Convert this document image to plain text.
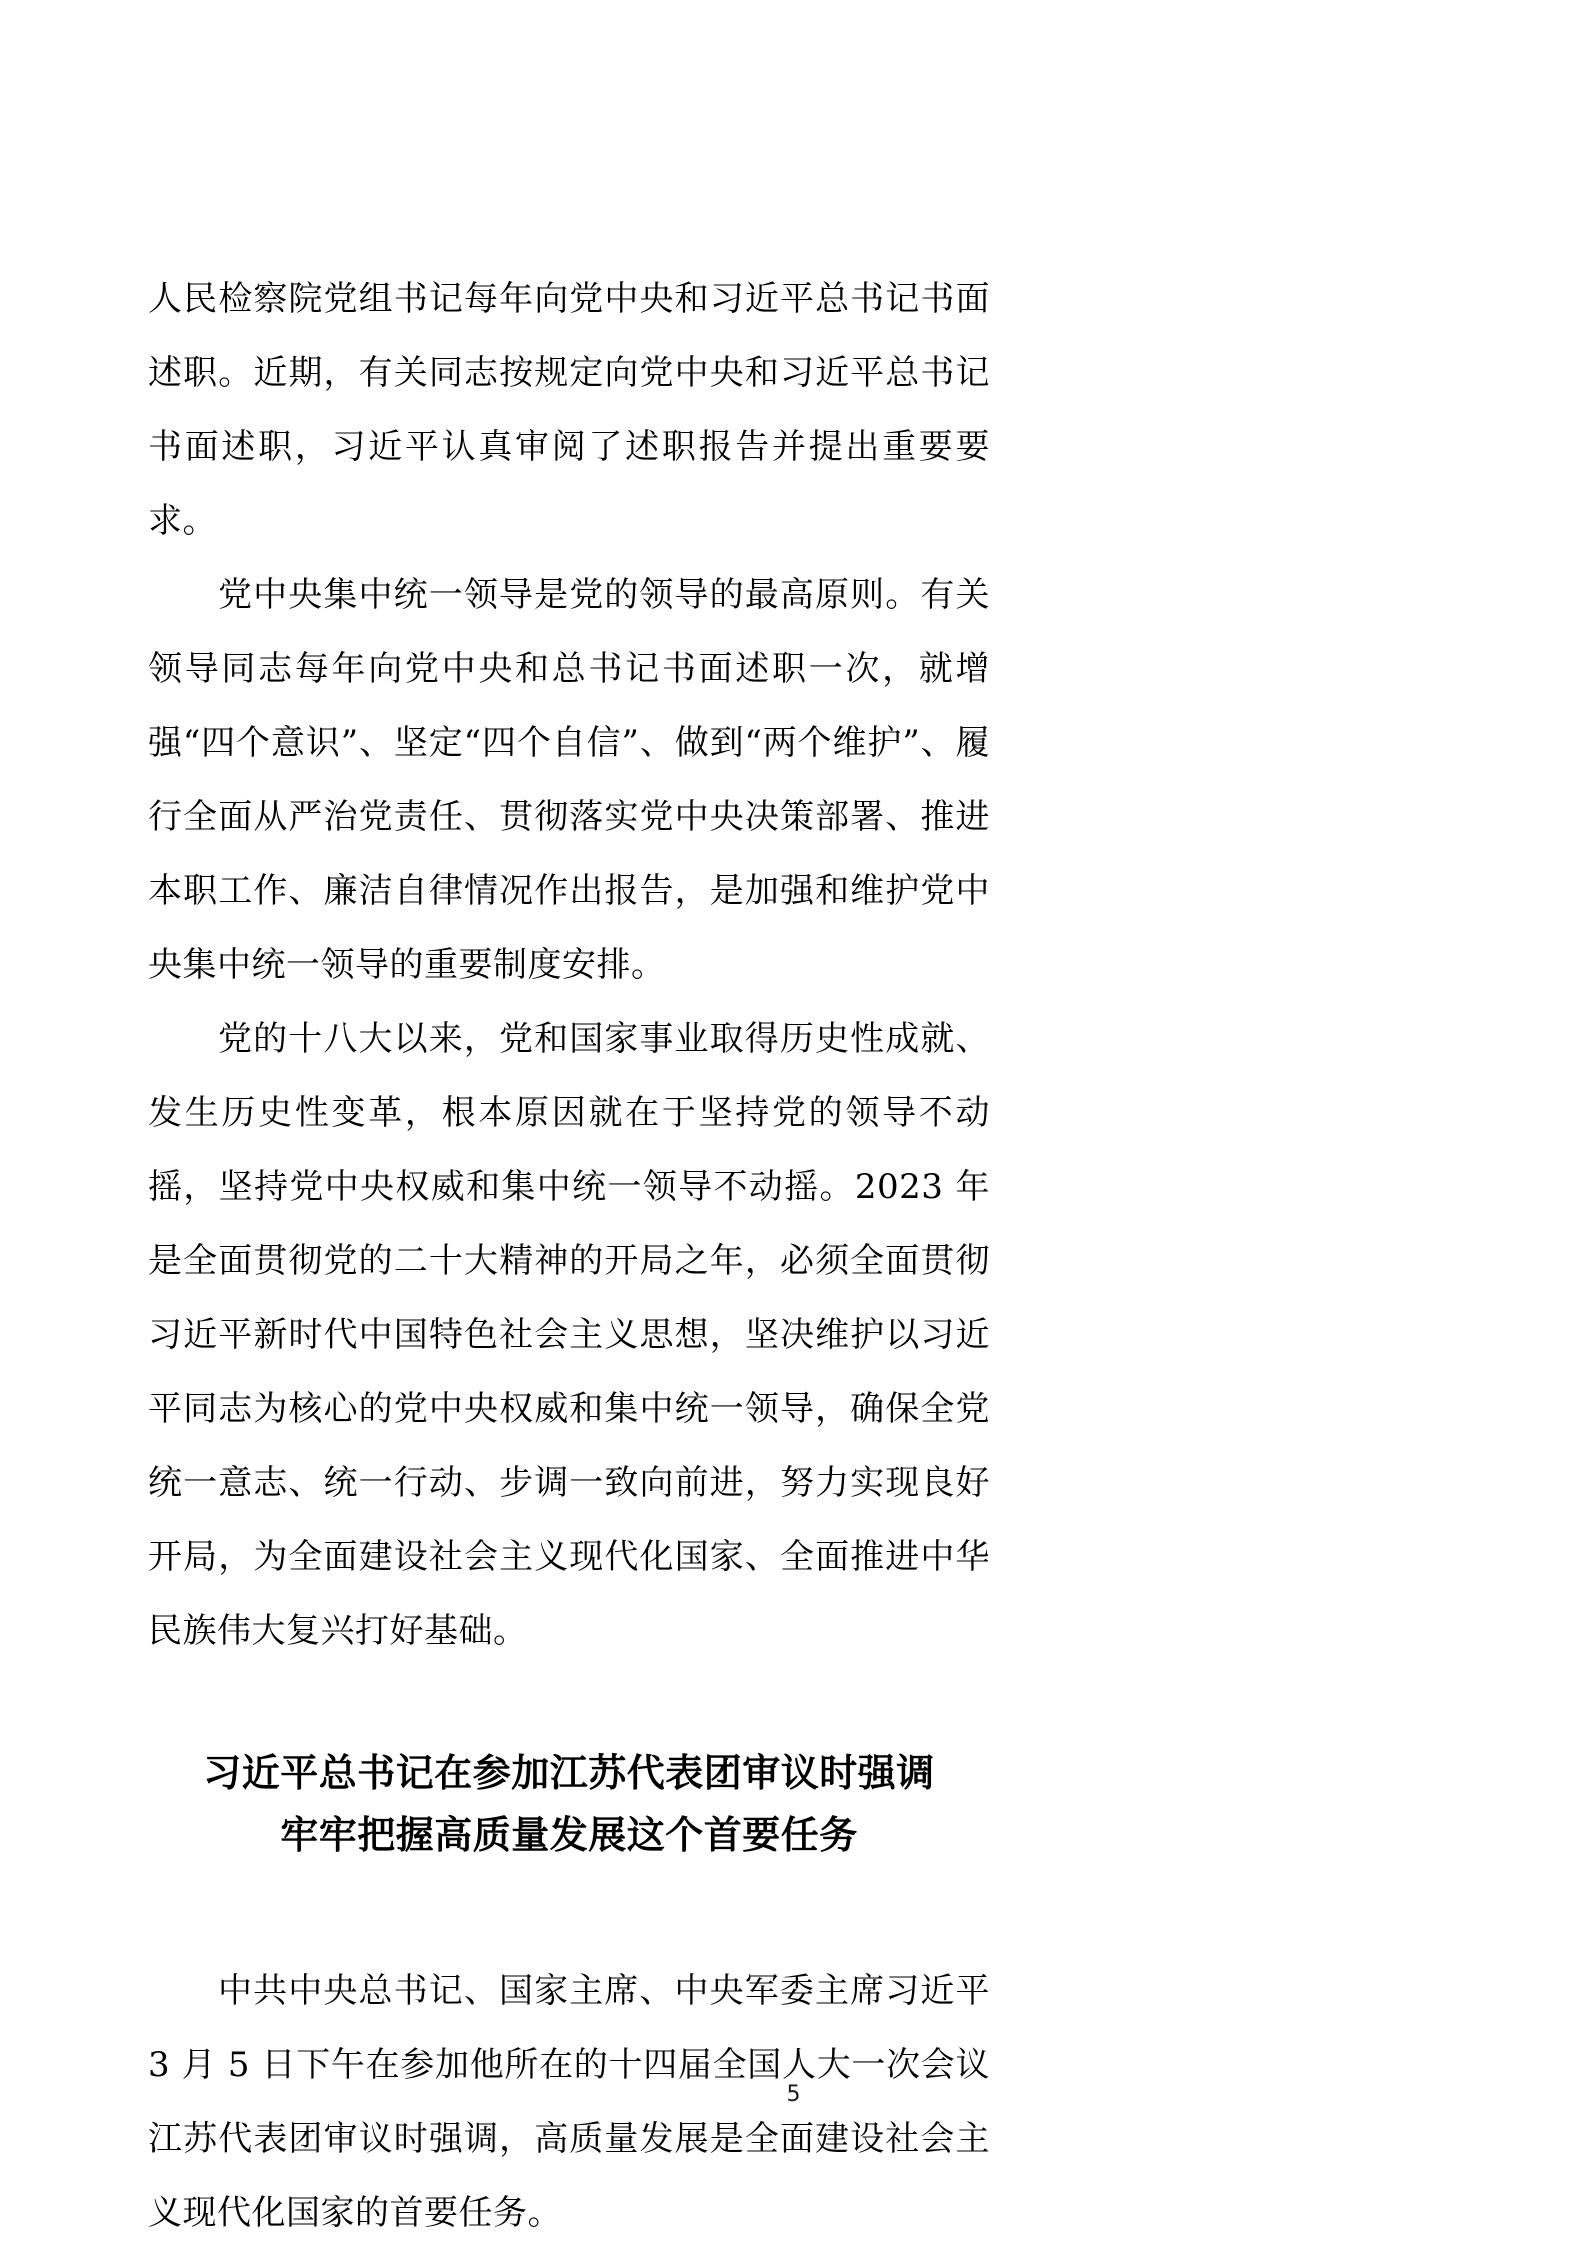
人民检察院党组书记每年向党中央和习近平总书记书面述职。近期，有关同志按规定向党中央和习近平总书记书面述职，习近平认真审阅了述职报告并提出重要要求。

党中央集中统一领导是党的领导的最高原则。有关领导同志每年向党中央和总书记书面述职一次，就增强“四个意识”、坚定“四个自信”、做到“两个维护”、履行全面从严治党责任、贯彻落实党中央决策部署、推进本职工作、廉洁自律情况作出报告，是加强和维护党中央集中统一领导的重要制度安排。

党的十八大以来，党和国家事业取得历史性成就、发生历史性变革，根本原因就在于坚持党的领导不动摇，坚持党中央权威和集中统一领导不动摇。2023 年是全面贯彻党的二十大精神的开局之年，必须全面贯彻习近平新时代中国特色社会主义思想，坚决维护以习近平同志为核心的党中央权威和集中统一领导，确保全党统一意志、统一行动、步调一致向前进，努力实现良好开局，为全面建设社会主义现代化国家、全面推进中华民族伟大复兴打好基础。

习近平总书记在参加江苏代表团审议时强调
牢牢把握高质量发展这个首要任务

中共中央总书记、国家主席、中央军委主席习近平 3 月 5 日下午在参加他所在的十四届全国人大一次会议江苏代表团审议时强调，高质量发展是全面建设社会主义现代化国家的首要任务。

5
